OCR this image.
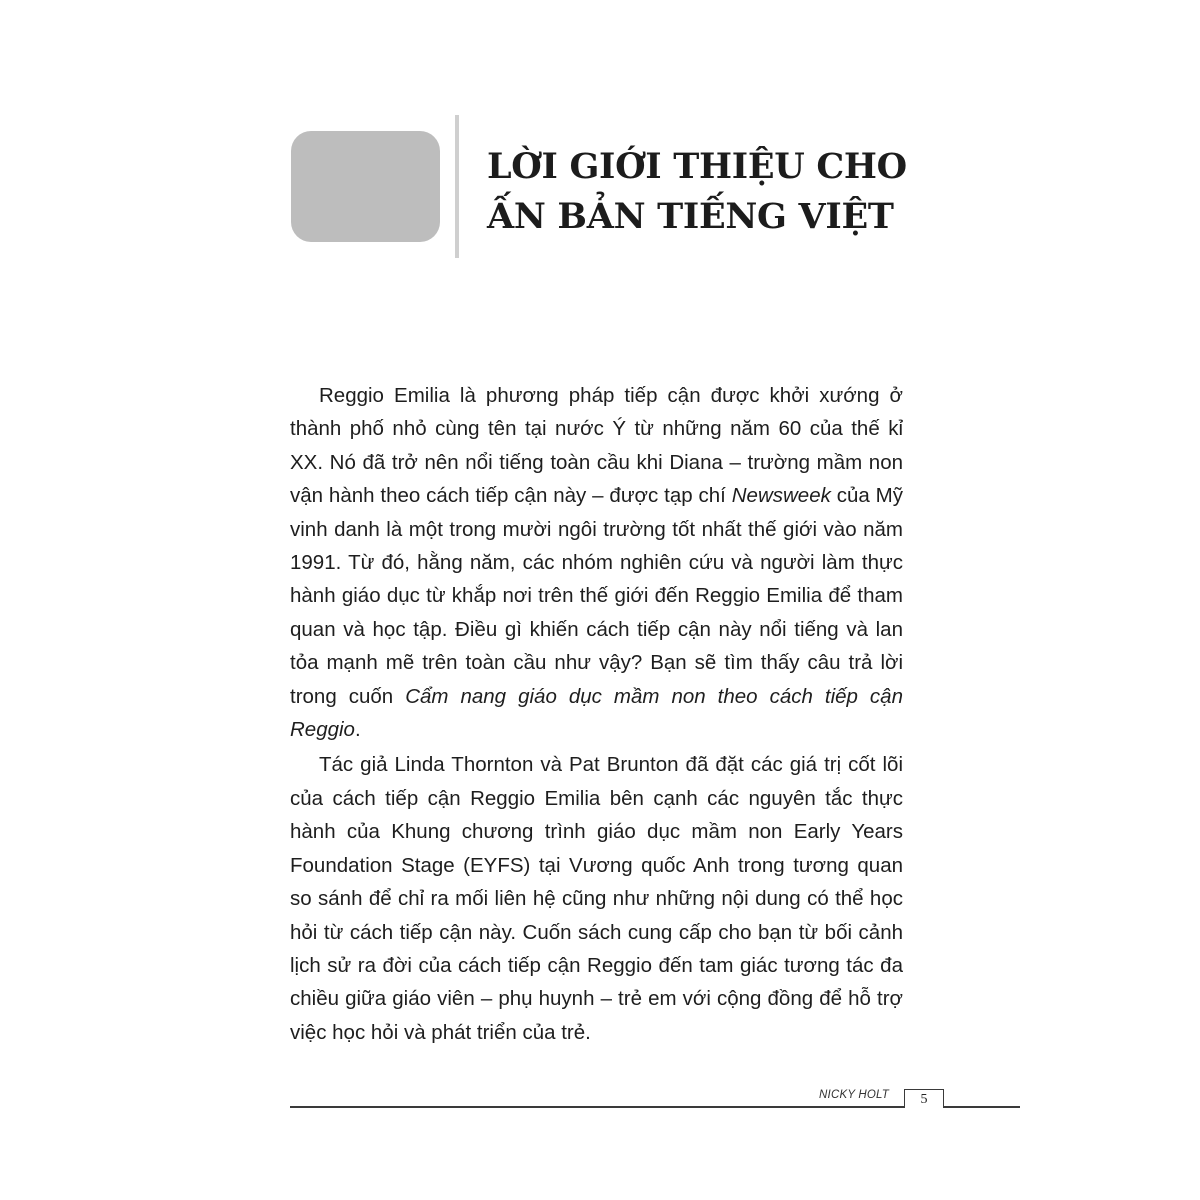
LỜI GIỚI THIỆU CHO
ẤN BẢN TIẾNG VIỆT

Reggio Emilia là phương pháp tiếp cận được khởi xướng ở thành phố nhỏ cùng tên tại nước Ý từ những năm 60 của thế kỉ XX. Nó đã trở nên nổi tiếng toàn cầu khi Diana – trường mầm non vận hành theo cách tiếp cận này – được tạp chí Newsweek của Mỹ vinh danh là một trong mười ngôi trường tốt nhất thế giới vào năm 1991. Từ đó, hằng năm, các nhóm nghiên cứu và người làm thực hành giáo dục từ khắp nơi trên thế giới đến Reggio Emilia để tham quan và học tập. Điều gì khiến cách tiếp cận này nổi tiếng và lan tỏa mạnh mẽ trên toàn cầu như vậy? Bạn sẽ tìm thấy câu trả lời trong cuốn Cẩm nang giáo dục mầm non theo cách tiếp cận Reggio.

Tác giả Linda Thornton và Pat Brunton đã đặt các giá trị cốt lõi của cách tiếp cận Reggio Emilia bên cạnh các nguyên tắc thực hành của Khung chương trình giáo dục mầm non Early Years Foundation Stage (EYFS) tại Vương quốc Anh trong tương quan so sánh để chỉ ra mối liên hệ cũng như những nội dung có thể học hỏi từ cách tiếp cận này. Cuốn sách cung cấp cho bạn từ bối cảnh lịch sử ra đời của cách tiếp cận Reggio đến tam giác tương tác đa chiều giữa giáo viên – phụ huynh – trẻ em với cộng đồng để hỗ trợ việc học hỏi và phát triển của trẻ.

NICKY HOLT	5
